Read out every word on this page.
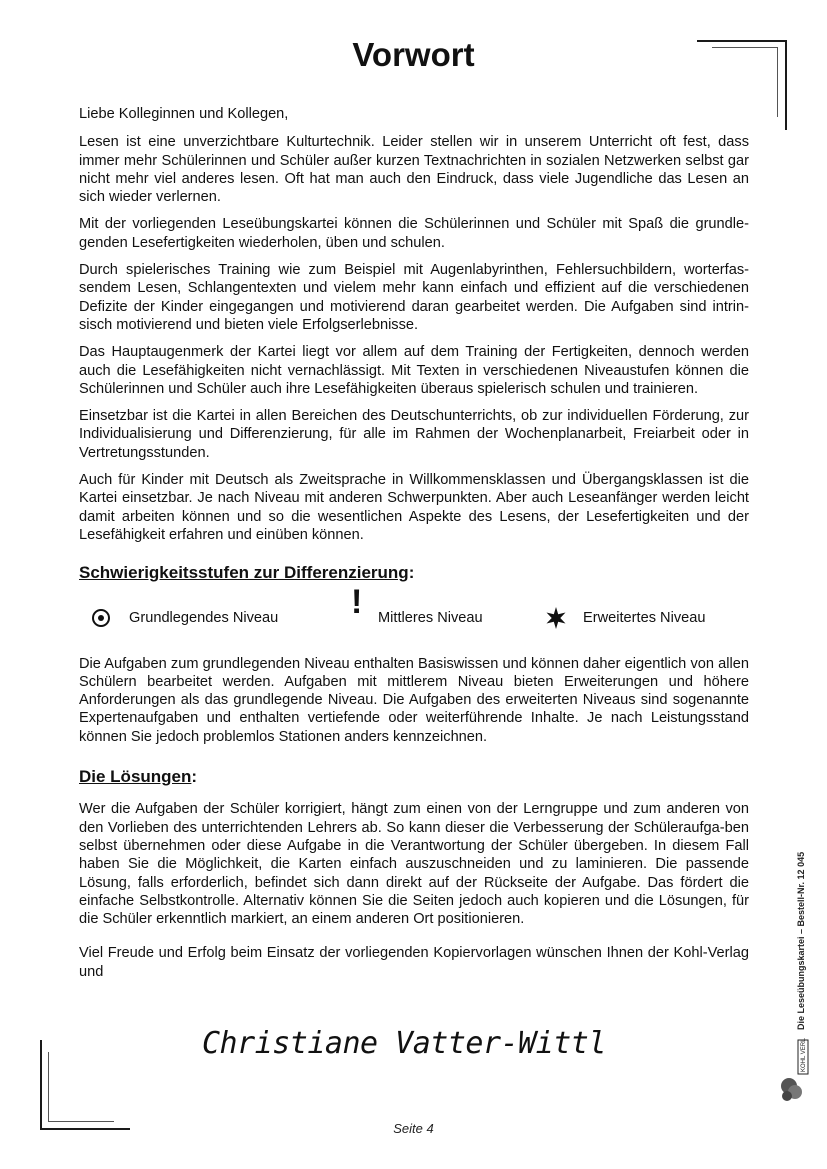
Vorwort

Liebe Kolleginnen und Kollegen,

Lesen ist eine unverzichtbare Kulturtechnik. Leider stellen wir in unserem Unterricht oft fest, dass immer mehr Schülerinnen und Schüler außer kurzen Textnachrichten in sozialen Netzwerken selbst gar nicht mehr viel anderes lesen. Oft hat man auch den Eindruck, dass viele Jugendliche das Lesen an sich wieder verlernen.

Mit der vorliegenden Leseübungskartei können die Schülerinnen und Schüler mit Spaß die grundle-genden Lesefertigkeiten wiederholen, üben und schulen.

Durch spielerisches Training wie zum Beispiel mit Augenlabyrinthen, Fehlersuchbildern, worterfas-sendem Lesen, Schlangentexten und vielem mehr kann einfach und effizient auf die verschiedenen Defizite der Kinder eingegangen und motivierend daran gearbeitet werden. Die Aufgaben sind intrin-sisch motivierend und bieten viele Erfolgserlebnisse.

Das Hauptaugenmerk der Kartei liegt vor allem auf dem Training der Fertigkeiten, dennoch werden auch die Lesefähigkeiten nicht vernachlässigt. Mit Texten in verschiedenen Niveaustufen können die Schülerinnen und Schüler auch ihre Lesefähigkeiten überaus spielerisch schulen und trainieren.

Einsetzbar ist die Kartei in allen Bereichen des Deutschunterrichts, ob zur individuellen Förderung, zur Individualisierung und Differenzierung, für alle im Rahmen der Wochenplanarbeit, Freiarbeit oder in Vertretungsstunden.

Auch für Kinder mit Deutsch als Zweitsprache in Willkommensklassen und Übergangsklassen ist die Kartei einsetzbar. Je nach Niveau mit anderen Schwerpunkten. Aber auch Leseanfänger werden leicht damit arbeiten können und so die wesentlichen Aspekte des Lesens, der Lesefertigkeiten und der Lesefähigkeit erfahren und einüben können.

Schwierigkeitsstufen zur Differenzierung:
Grundlegendes Niveau ! Mittleres Niveau	Erweitertes Niveau

Die Aufgaben zum grundlegenden Niveau enthalten Basiswissen und können daher eigentlich von allen Schülern bearbeitet werden. Aufgaben mit mittlerem Niveau bieten Erweiterungen und höhere Anforderungen als das grundlegende Niveau. Die Aufgaben des erweiterten Niveaus sind sogenannte Expertenaufgaben und enthalten vertiefende oder weiterführende Inhalte. Je nach Leistungsstand können Sie jedoch problemlos Stationen anders kennzeichnen.

Die Lösungen:

Wer die Aufgaben der Schüler korrigiert, hängt zum einen von der Lerngruppe und zum anderen von den Vorlieben des unterrichtenden Lehrers ab. So kann dieser die Verbesserung der Schüleraufga-ben selbst übernehmen oder diese Aufgabe in die Verantwortung der Schüler übergeben. In diesem Fall haben Sie die Möglichkeit, die Karten einfach auszuschneiden und zu laminieren. Die passende Lösung, falls erforderlich, befindet sich dann direkt auf der Rückseite der Aufgabe. Das fördert die einfache Selbstkontrolle. Alternativ können Sie die Seiten jedoch auch kopieren und die Lösungen, für die Schüler erkenntlich markiert, an einem anderen Ort positionieren.

Viel Freude und Erfolg beim Einsatz der vorliegenden Kopiervorlagen wünschen Ihnen der Kohl-Verlag und

Christiane Vatter-Wittl
Seite 4
Die Leseübungskartei – Bestell-Nr. 12 045
KOHL VERLAG
